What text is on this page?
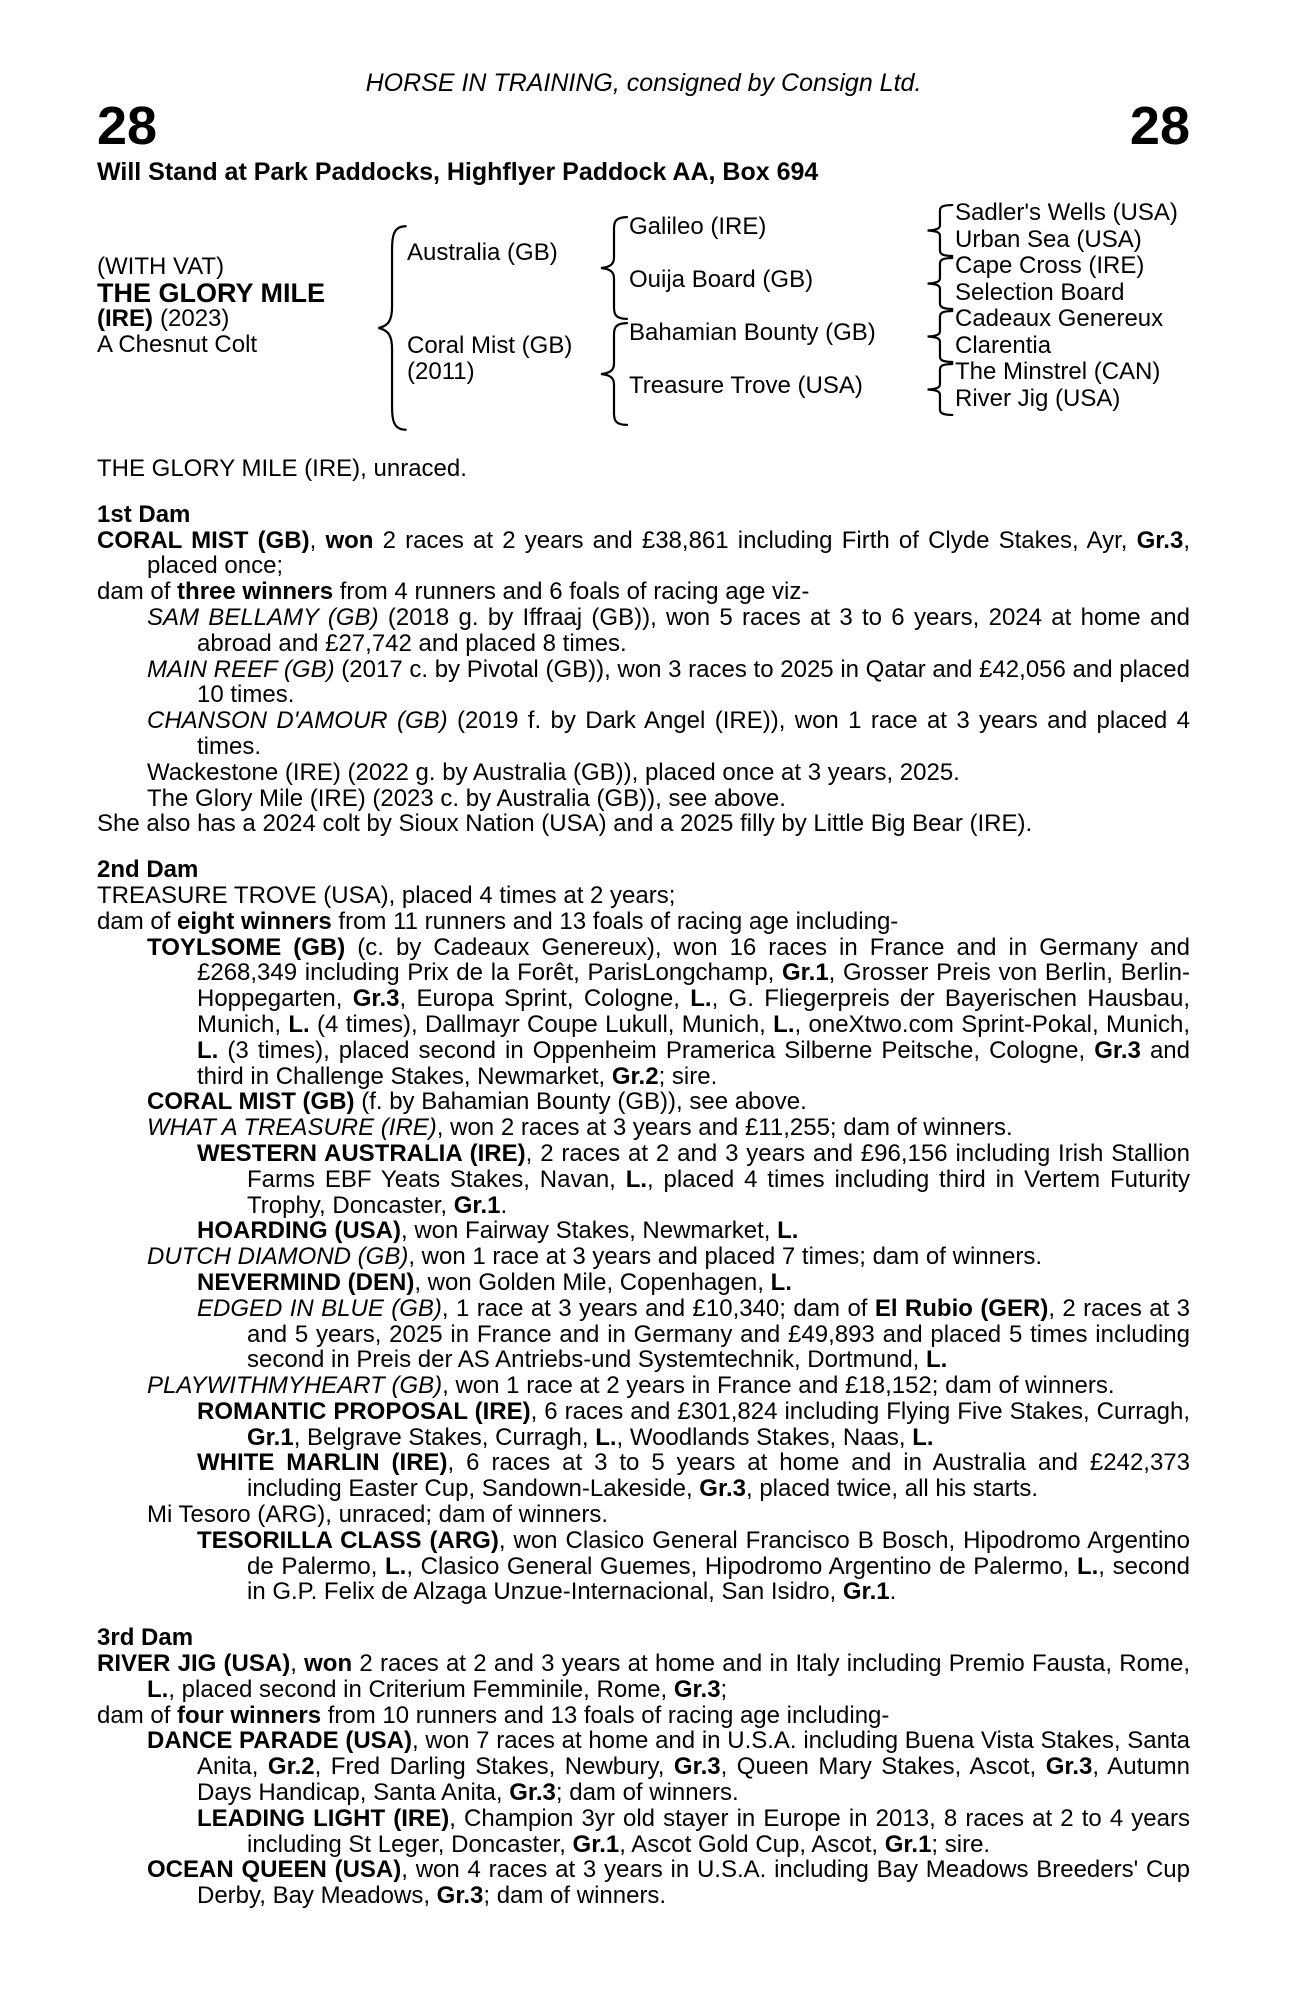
HORSE IN TRAINING, consigned by Consign Ltd.
28	28
Will Stand at Park Paddocks, Highflyer Paddock AA, Box 694
(WITH VAT)
THE GLORY MILE
(IRE) (2023)
A Chesnut Colt
Australia (GB)
Coral Mist (GB)
(2011)
Galileo (IRE)
Ouija Board (GB)
Bahamian Bounty (GB)
Treasure Trove (USA)
Sadler's Wells (USA)
Urban Sea (USA)
Cape Cross (IRE)
Selection Board
Cadeaux Genereux
Clarentia
The Minstrel (CAN)
River Jig (USA)
THE GLORY MILE (IRE), unraced.
1st Dam
CORAL MIST (GB), won 2 races at 2 years and £38,861 including Firth of Clyde Stakes, Ayr, Gr.3, placed once;
dam of three winners from 4 runners and 6 foals of racing age viz-
SAM BELLAMY (GB) (2018 g. by Iffraaj (GB)), won 5 races at 3 to 6 years, 2024 at home and abroad and £27,742 and placed 8 times.
MAIN REEF (GB) (2017 c. by Pivotal (GB)), won 3 races to 2025 in Qatar and £42,056 and placed 10 times.
CHANSON D'AMOUR (GB) (2019 f. by Dark Angel (IRE)), won 1 race at 3 years and placed 4 times.
Wackestone (IRE) (2022 g. by Australia (GB)), placed once at 3 years, 2025.
The Glory Mile (IRE) (2023 c. by Australia (GB)), see above.
She also has a 2024 colt by Sioux Nation (USA) and a 2025 filly by Little Big Bear (IRE).
2nd Dam
TREASURE TROVE (USA), placed 4 times at 2 years;
dam of eight winners from 11 runners and 13 foals of racing age including-
TOYLSOME (GB) (c. by Cadeaux Genereux), won 16 races in France and in Germany and £268,349 including Prix de la Forêt, ParisLongchamp, Gr.1, Grosser Preis von Berlin, Berlin-Hoppegarten, Gr.3, Europa Sprint, Cologne, L., G. Fliegerpreis der Bayerischen Hausbau, Munich, L. (4 times), Dallmayr Coupe Lukull, Munich, L., oneXtwo.com Sprint-Pokal, Munich, L. (3 times), placed second in Oppenheim Pramerica Silberne Peitsche, Cologne, Gr.3 and third in Challenge Stakes, Newmarket, Gr.2; sire.
CORAL MIST (GB) (f. by Bahamian Bounty (GB)), see above.
WHAT A TREASURE (IRE), won 2 races at 3 years and £11,255; dam of winners.
WESTERN AUSTRALIA (IRE), 2 races at 2 and 3 years and £96,156 including Irish Stallion Farms EBF Yeats Stakes, Navan, L., placed 4 times including third in Vertem Futurity Trophy, Doncaster, Gr.1.
HOARDING (USA), won Fairway Stakes, Newmarket, L.
DUTCH DIAMOND (GB), won 1 race at 3 years and placed 7 times; dam of winners.
NEVERMIND (DEN), won Golden Mile, Copenhagen, L.
EDGED IN BLUE (GB), 1 race at 3 years and £10,340; dam of El Rubio (GER), 2 races at 3 and 5 years, 2025 in France and in Germany and £49,893 and placed 5 times including second in Preis der AS Antriebs-und Systemtechnik, Dortmund, L.
PLAYWITHMYHEART (GB), won 1 race at 2 years in France and £18,152; dam of winners.
ROMANTIC PROPOSAL (IRE), 6 races and £301,824 including Flying Five Stakes, Curragh, Gr.1, Belgrave Stakes, Curragh, L., Woodlands Stakes, Naas, L.
WHITE MARLIN (IRE), 6 races at 3 to 5 years at home and in Australia and £242,373 including Easter Cup, Sandown-Lakeside, Gr.3, placed twice, all his starts.
Mi Tesoro (ARG), unraced; dam of winners.
TESORILLA CLASS (ARG), won Clasico General Francisco B Bosch, Hipodromo Argentino de Palermo, L., Clasico General Guemes, Hipodromo Argentino de Palermo, L., second in G.P. Felix de Alzaga Unzue-Internacional, San Isidro, Gr.1.
3rd Dam
RIVER JIG (USA), won 2 races at 2 and 3 years at home and in Italy including Premio Fausta, Rome, L., placed second in Criterium Femminile, Rome, Gr.3;
dam of four winners from 10 runners and 13 foals of racing age including-
DANCE PARADE (USA), won 7 races at home and in U.S.A. including Buena Vista Stakes, Santa Anita, Gr.2, Fred Darling Stakes, Newbury, Gr.3, Queen Mary Stakes, Ascot, Gr.3, Autumn Days Handicap, Santa Anita, Gr.3; dam of winners.
LEADING LIGHT (IRE), Champion 3yr old stayer in Europe in 2013, 8 races at 2 to 4 years including St Leger, Doncaster, Gr.1, Ascot Gold Cup, Ascot, Gr.1; sire.
OCEAN QUEEN (USA), won 4 races at 3 years in U.S.A. including Bay Meadows Breeders' Cup Derby, Bay Meadows, Gr.3; dam of winners.
